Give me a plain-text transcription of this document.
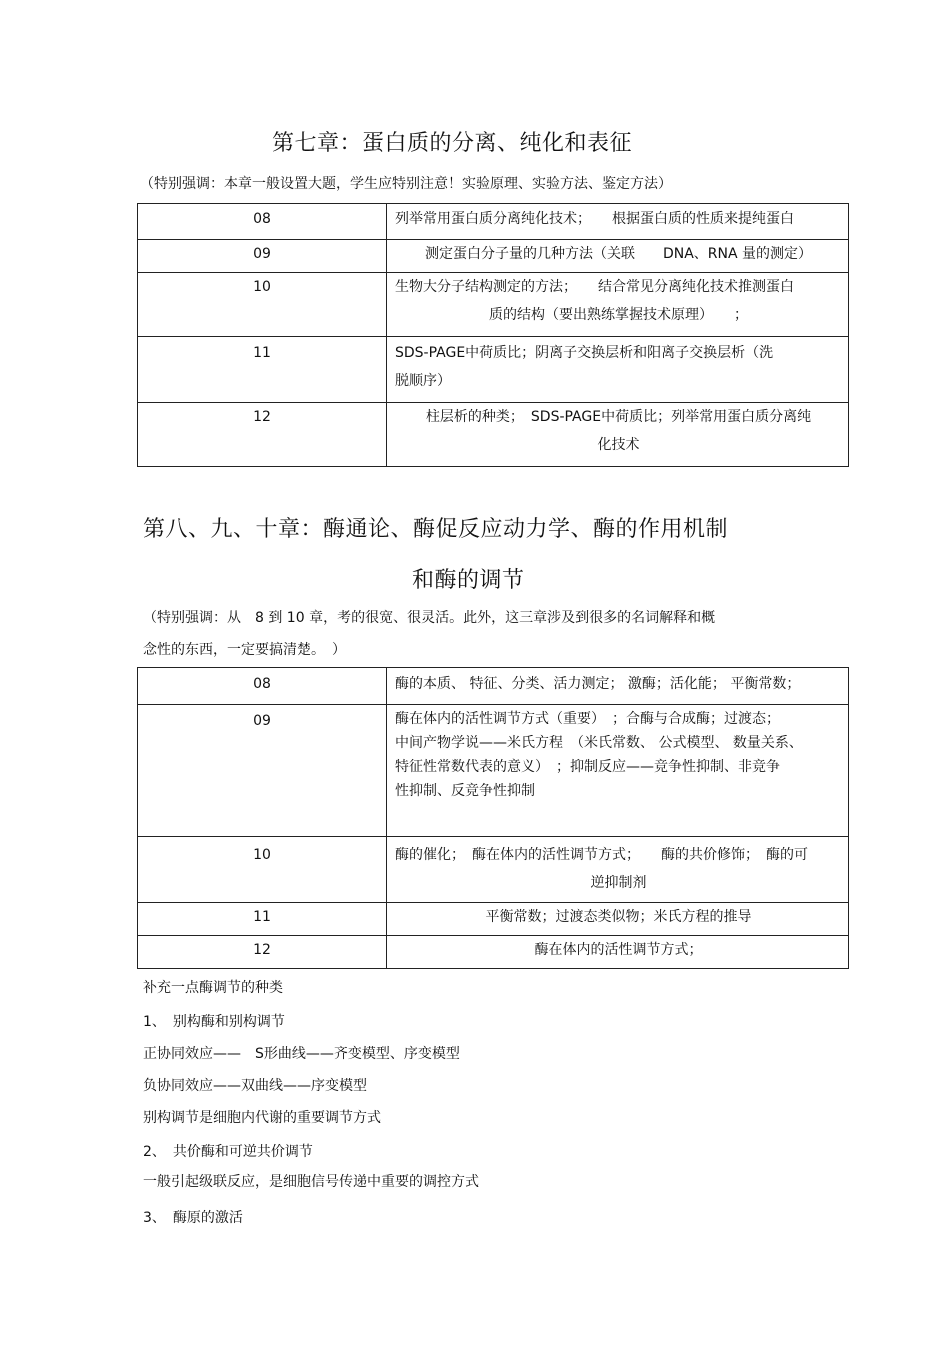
第七章：蛋白质的分离、纯化和表征
（特别强调：本章一般设置大题，学生应特别注意！实验原理、实验方法、鉴定方法）
08	列举常用蛋白质分离纯化技术；　　根据蛋白质的性质来提纯蛋白

09	测定蛋白分子量的几种方法（关联　　DNA、RNA 量的测定）

10	生物大分子结构测定的方法；　　结合常见分离纯化技术推测蛋白
质的结构（要出熟练掌握技术原理）　　；

11	SDS-PAGE中荷质比；阴离子交换层析和阳离子交换层析（洗
脱顺序）

12	柱层析的种类；　SDS-PAGE中荷质比；列举常用蛋白质分离纯
化技术
第八、九、十章：酶通论、酶促反应动力学、酶的作用机制
和酶的调节
（特别强调：从　8 到 10 章，考的很宽、很灵活。此外，这三章涉及到很多的名词解释和概
念性的东西，一定要搞清楚。　）
08	酶的本质、 特征、分类、活力测定； 激酶；活化能； 平衡常数；

09	酶在体内的活性调节方式（重要）　；合酶与合成酶；过渡态；
中间产物学说——米氏方程　（米氏常数、 公式模型、 数量关系、
特征性常数代表的意义）　；抑制反应——竞争性抑制、非竞争
性抑制、反竞争性抑制

10	酶的催化；　酶在体内的活性调节方式；　　酶的共价修饰；　酶的可
逆抑制剂

11	平衡常数；过渡态类似物；米氏方程的推导

12	酶在体内的活性调节方式；
补充一点酶调节的种类
1、　别构酶和别构调节
正协同效应——　S形曲线——齐变模型、序变模型
负协同效应——双曲线——序变模型
别构调节是细胞内代谢的重要调节方式
2、　共价酶和可逆共价调节
一般引起级联反应，是细胞信号传递中重要的调控方式
3、　酶原的激活
